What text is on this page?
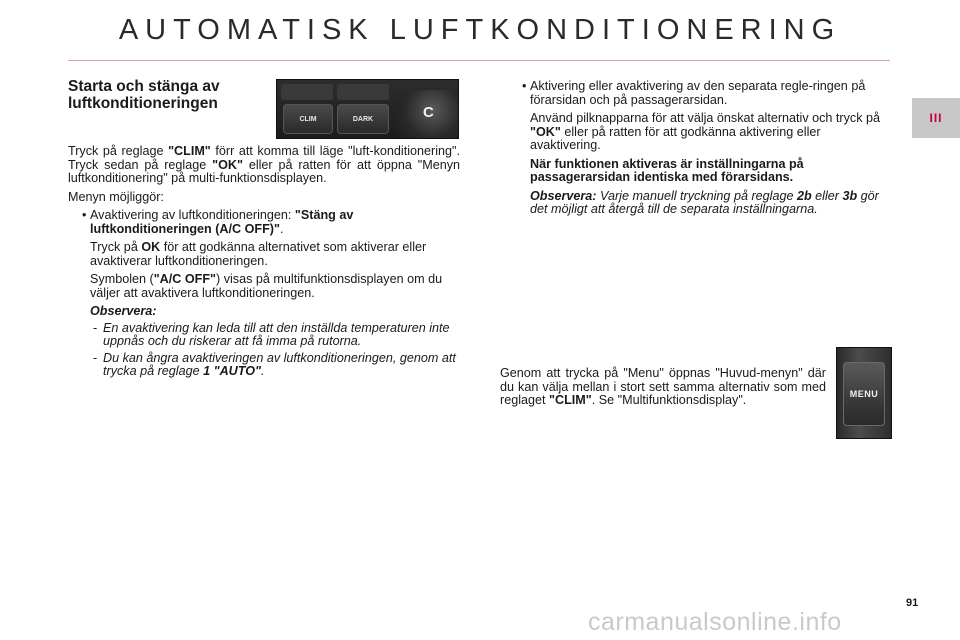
AUTOMATISK LUFTKONDITIONERING
III
Starta och stänga av luftkonditioneringen
CLIM	DARK	C

Tryck på reglage "CLIM" förr att komma till läge "luft-konditionering". Tryck sedan på reglage "OK" eller på ratten för att öppna "Menyn luftkonditionering" på multi-funktionsdisplayen.

Menyn möjliggör:

• Avaktivering av luftkonditioneringen: "Stäng av luftkonditioneringen (A/C OFF)".

Tryck på OK för att godkänna alternativet som aktiverar eller avaktiverar luftkonditioneringen.

Symbolen ("A/C OFF") visas på multifunktionsdisplayen om du väljer att avaktivera luftkonditioneringen.

Observera:

- En avaktivering kan leda till att den inställda temperaturen inte uppnås och du riskerar att få imma på rutorna.

- Du kan ångra avaktiveringen av luftkonditioneringen, genom att trycka på reglage 1 "AUTO".

• Aktivering eller avaktivering av den separata regle-ringen på förarsidan och på passagerarsidan.

Använd pilknapparna för att välja önskat alternativ och tryck på "OK" eller på ratten för att godkänna aktivering eller avaktivering.

När funktionen aktiveras är inställningarna på passagerarsidan identiska med förarsidans.

Observera: Varje manuell tryckning på reglage 2b eller 3b gör det möjligt att återgå till de separata inställningarna.

Genom att trycka på "Menu" öppnas "Huvud-menyn" där du kan välja mellan i stort sett samma alternativ som med reglaget "CLIM". Se "Multifunktionsdisplay".	MENU
91
carmanualsonline.info
